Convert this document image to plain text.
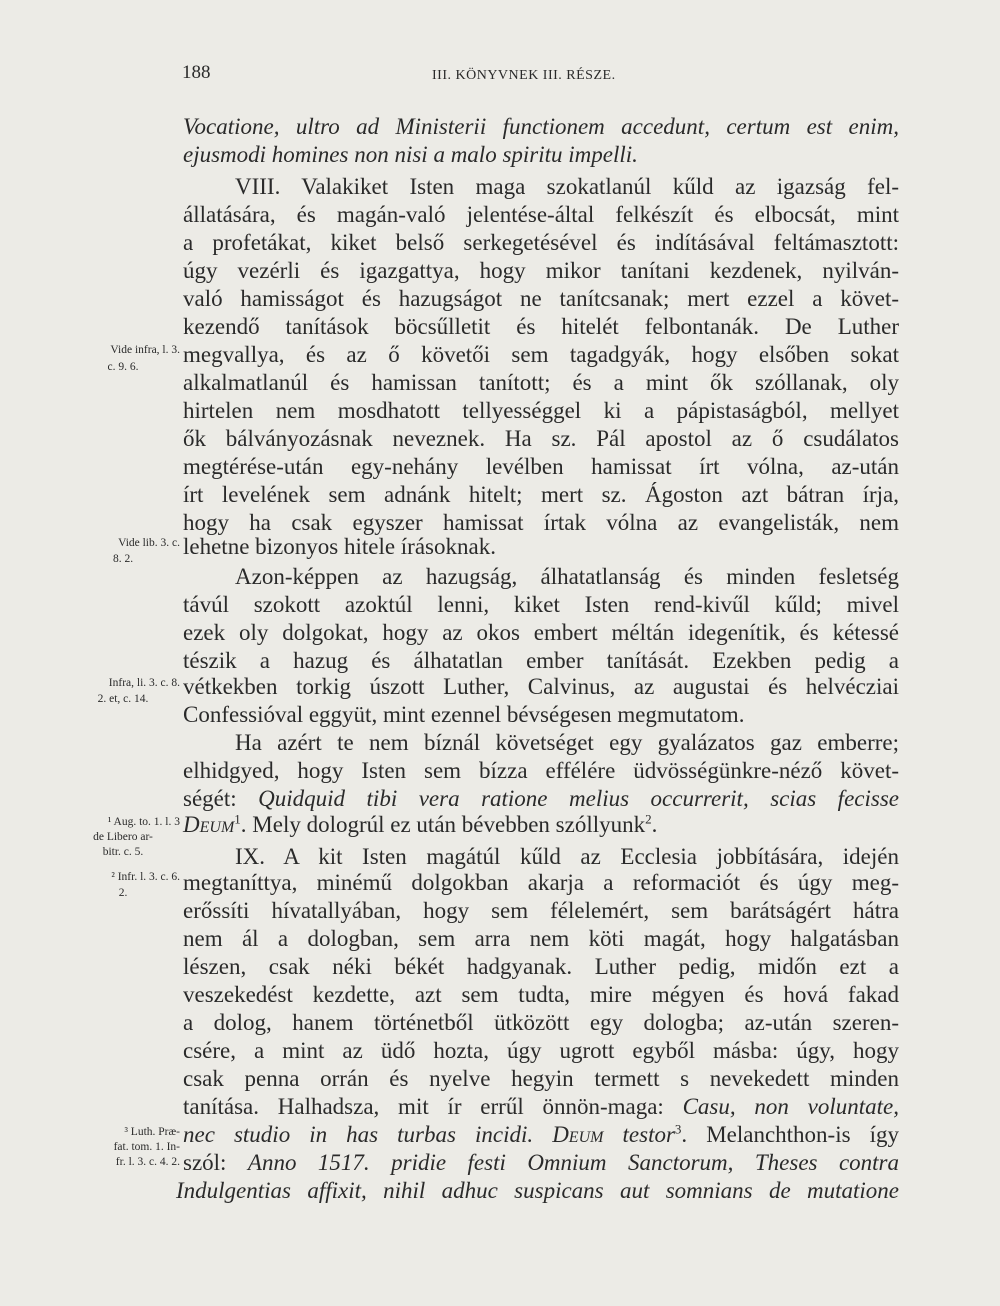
188	III. KÖNYVNEK III. RÉSZE.
Vocatione, ultro ad Ministerii functionem accedunt, certum est enim,
ejusmodi homines non nisi a malo spiritu impelli.
VIII. Valakiket Isten maga szokatlanúl kűld az igazság fel-
állatására, és magán-való jelentése-által felkészít és elbocsát, mint
a profetákat, kiket belső serkegetésével és indításával feltámasztott:
úgy vezérli és igazgattya, hogy mikor tanítani kezdenek, nyilván-
való hamisságot és hazugságot ne tanítcsanak; mert ezzel a követ-
kezendő tanítások böcsűlletit és hitelét felbontanák. De Luther
megvallya, és az ő követői sem tagadgyák, hogy elsőben sokat
alkalmatlanúl és hamissan tanított; és a mint ők szóllanak, oly
hirtelen nem mosdhatott tellyességgel ki a pápistaságból, mellyet
ők bálványozásnak neveznek. Ha sz. Pál apostol az ő csudálatos
megtérése-után egy-nehány levélben hamissat írt vólna, az-után
írt levelének sem adnánk hitelt; mert sz. Ágoston azt bátran írja,
hogy ha csak egyszer hamissat írtak vólna az evangelisták, nem
lehetne bizonyos hitele írásoknak.
Azon-képpen az hazugság, álhatatlanság és minden fesletség
távúl szokott azoktúl lenni, kiket Isten rend-kivűl kűld; mivel
ezek oly dolgokat, hogy az okos embert méltán idegenítik, és kétessé
tészik a hazug és álhatatlan ember tanítását. Ezekben pedig a
vétkekben torkig úszott Luther, Calvinus, az augustai és helvécziai
Confessióval eggyüt, mint ezennel bévségesen megmutatom.
Ha azért te nem bíznál követséget egy gyalázatos gaz emberre;
elhidgyed, hogy Isten sem bízza effélére üdvösségünkre-néző követ-
ségét: Quidquid tibi vera ratione melius occurrerit, scias fecisse
Deum$^1$. Mely dologrúl ez után bévebben szóllyunk$^2$.
IX. A kit Isten magátúl kűld az Ecclesia jobbítására, idején
megtaníttya, minémű dolgokban akarja a reformaciót és úgy meg-
erőssíti hívatallyában, hogy sem félelemért, sem barátságért hátra
nem ál a dologban, sem arra nem köti magát, hogy halgatásban
lészen, csak néki békét hadgyanak. Luther pedig, midőn ezt a
veszekedést kezdette, azt sem tudta, mire mégyen és hová fakad
a dolog, hanem történetből ütközött egy dologba; az-után szeren-
csére, a mint az üdő hozta, úgy ugrott egyből másba: úgy, hogy
csak penna orrán és nyelve hegyin termett s nevekedett minden
tanítása. Halhadsza, mit ír errűl önnön-maga: Casu, non voluntate,
nec studio in has turbas incidi. Deum testor$^3$. Melanchthon-is így
szól: Anno 1517. pridie festi Omnium Sanctorum, Theses contra
Indulgentias affixit, nihil adhuc suspicans aut somnians de mutatione
Vide infra, l. 3.
c. 9. 6.
Vide lib. 3. c.
8. 2.
Infra, li. 3. c. 8.
2. et, c. 14.
¹ Aug. to. 1. l. 3
de Libero ar-
bitr. c. 5.
² Infr. l. 3. c. 6.
2.
³ Luth. Præ-
fat. tom. 1. In-
fr. l. 3. c. 4. 2.
